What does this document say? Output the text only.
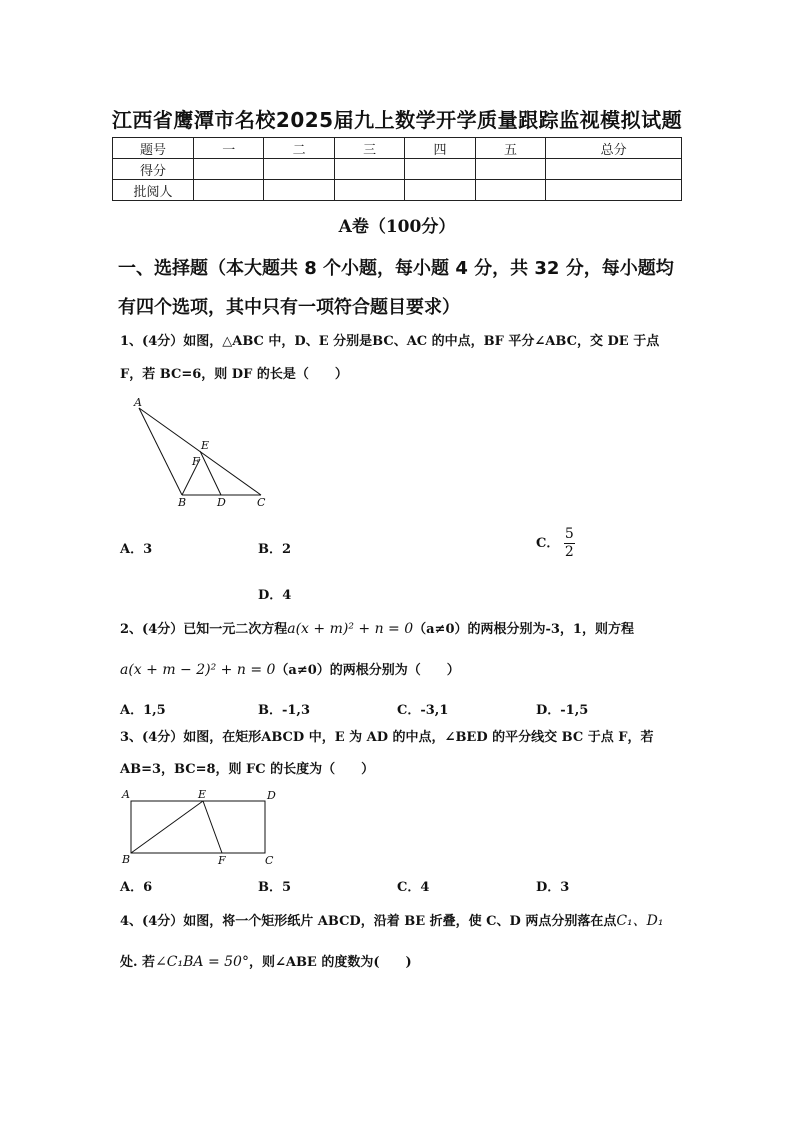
江西省鹰潭市名校2025届九上数学开学质量跟踪监视模拟试题
题号	一	二	三	四	五	总分
得分						
批阅人						
A卷（100分）
一、选择题（本大题共 8 个小题，每小题 4 分，共 32 分，每小题均
有四个选项，其中只有一项符合题目要求）
1、(4分）如图，△ABC 中，D、E 分别是BC、AC 的中点，BF 平分∠ABC，交 DE 于点
F，若 BC=6，则 DF 的长是（　　）
A
E
F
B	D	C
A．3	B．2	C． $\frac{5}{2}$
D．4
2、(4分）已知一元二次方程a(x + m)² + n = 0（a≠0）的两根分别为-3，1，则方程
a(x + m − 2)² + n = 0（a≠0）的两根分别为（　　）
A．1,5	B．-1,3	C．-3,1	D．-1,5
3、(4分）如图，在矩形ABCD 中，E 为 AD 的中点，∠BED 的平分线交 BC 于点 F，若
AB=3，BC=8，则 FC 的长度为（　　）
A	E	D
B	F	C
A．6	B．5	C．4	D．3
4、(4分）如图，将一个矩形纸片 ABCD，沿着 BE 折叠，使 C、D 两点分别落在点C₁、D₁
处. 若∠C₁BA = 50°，则∠ABE 的度数为(　　)
